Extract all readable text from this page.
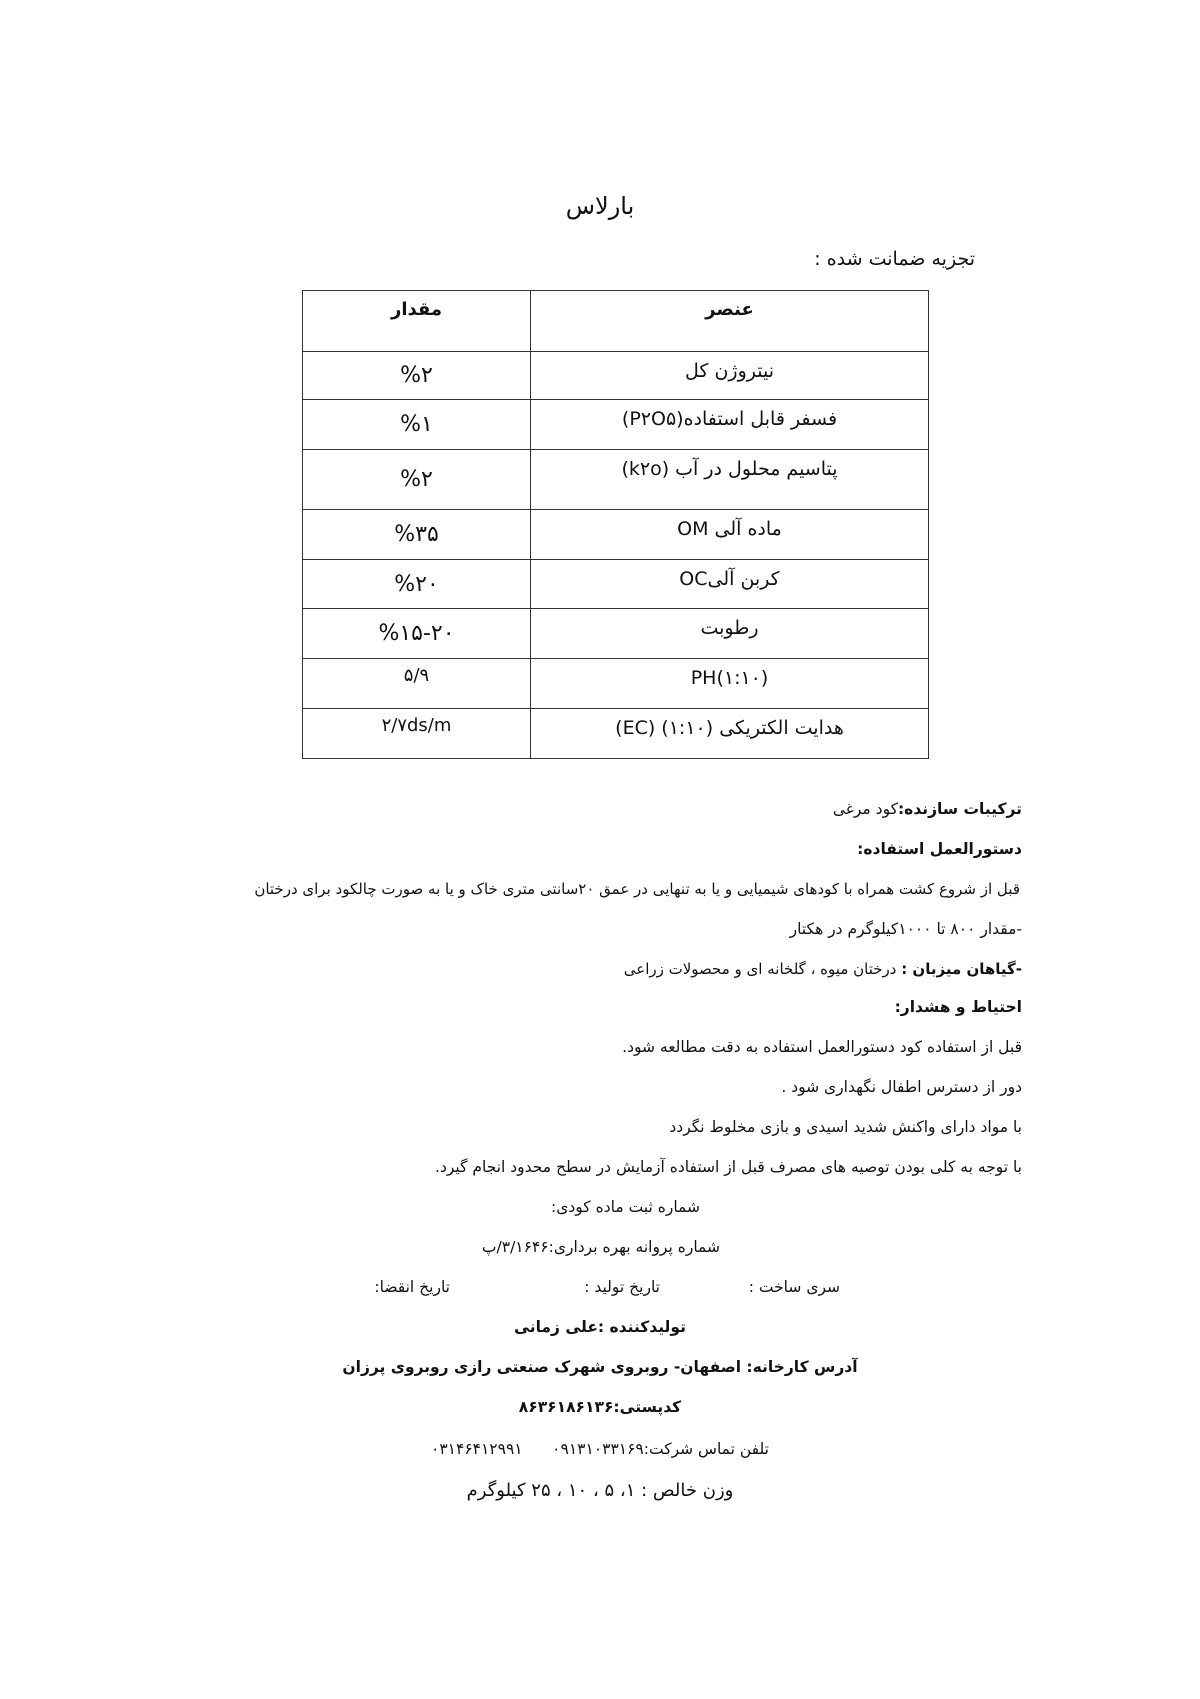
بارلاس
تجزیه ضمانت شده :
عنصر	مقدار
نیتروژن کل	%۲
فسفر قابل استفاده(P۲O۵)	%۱
پتاسیم محلول در آب (k۲o)	%۲
ماده آلی OM	%۳۵
کربن آلیOC	%۲۰
رطوبت	%۱۵-۲۰
PH(۱:۱۰)	۵/۹
هدایت الکتریکی (۱:۱۰) (EC)	۲/۷ds/m
ترکیبات سازنده:کود مرغی
دستورالعمل استفاده:
قبل از شروع کشت همراه با کودهای شیمیایی و یا به تنهایی در عمق ۲۰سانتی متری خاک و یا به صورت چالکود برای درختان
-مقدار ۸۰۰ تا ۱۰۰۰کیلوگرم در هکتار
-گیاهان میزبان : درختان میوه ، گلخانه ای و محصولات زراعی
احتیاط و هشدار:
قبل از استفاده کود دستورالعمل استفاده به دقت مطالعه شود.
دور از دسترس اطفال نگهداری شود .
با مواد دارای واکنش شدید اسیدی و بازی مخلوط نگردد
با توجه به کلی بودن توصیه های مصرف قبل از استفاده آزمایش در سطح محدود انجام گیرد.
شماره ثبت ماده کودی:
شماره پروانه بهره برداری:۳/۱۶۴۶/پ
سری ساخت :
تاریخ تولید :
تاریخ انقضا:
تولیدکننده :علی زمانی
آدرس کارخانه: اصفهان- روبروی شهرک صنعتی رازی روبروی پرزان
کدپستی:۸۶۳۶۱۸۶۱۳۶
تلفن تماس شرکت:۰۹۱۳۱۰۳۳۱۶۹      ۰۳۱۴۶۴۱۲۹۹۱
وزن خالص : ۱، ۵ ، ۱۰ ، ۲۵ کیلوگرم
